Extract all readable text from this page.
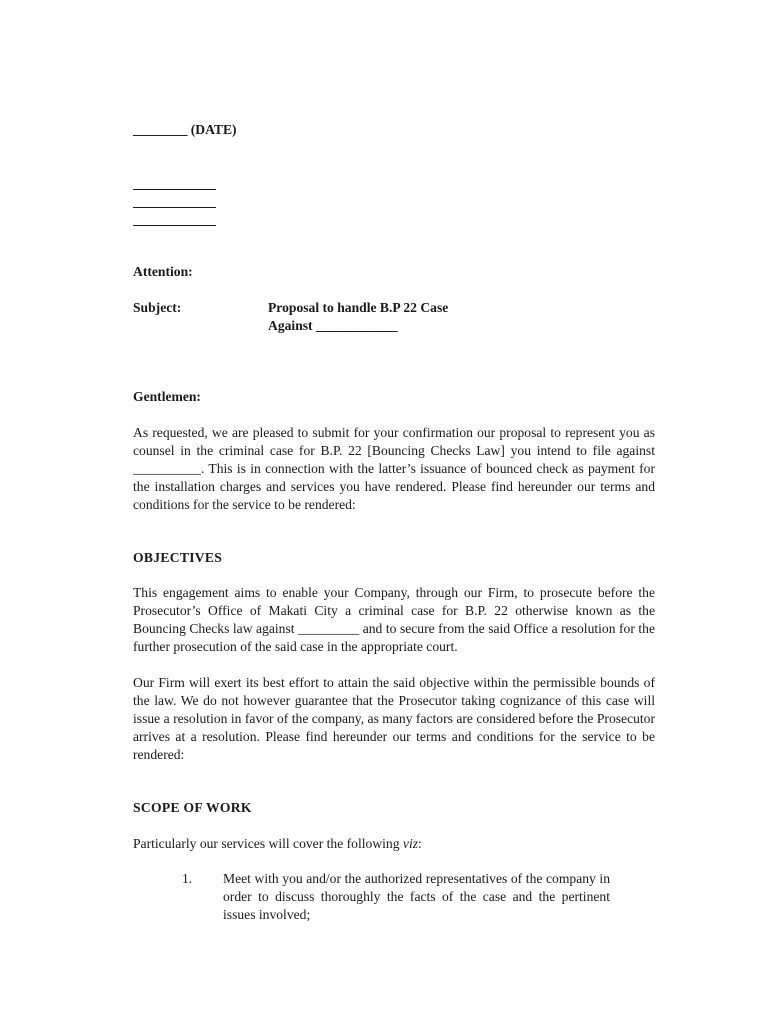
________ (DATE)
Attention:
Subject:	Proposal to handle B.P 22 Case
Against ____________
Gentlemen:
As requested, we are pleased to submit for your confirmation our proposal to represent you as counsel in the criminal case for B.P. 22 [Bouncing Checks Law] you intend to file against __________. This is in connection with the latter’s issuance of bounced check as payment for the installation charges and services you have rendered. Please find hereunder our terms and conditions for the service to be rendered:
OBJECTIVES
This engagement aims to enable your Company, through our Firm, to prosecute before the Prosecutor’s Office of Makati City a criminal case for B.P. 22 otherwise known as the Bouncing Checks law against _________ and to secure from the said Office a resolution for the further prosecution of the said case in the appropriate court.
Our Firm will exert its best effort to attain the said objective within the permissible bounds of the law. We do not however guarantee that the Prosecutor taking cognizance of this case will issue a resolution in favor of the company, as many factors are considered before the Prosecutor arrives at a resolution. Please find hereunder our terms and conditions for the service to be rendered:
SCOPE OF WORK
Particularly our services will cover the following viz:
1. Meet with you and/or the authorized representatives of the company in order to discuss thoroughly the facts of the case and the pertinent issues involved;
